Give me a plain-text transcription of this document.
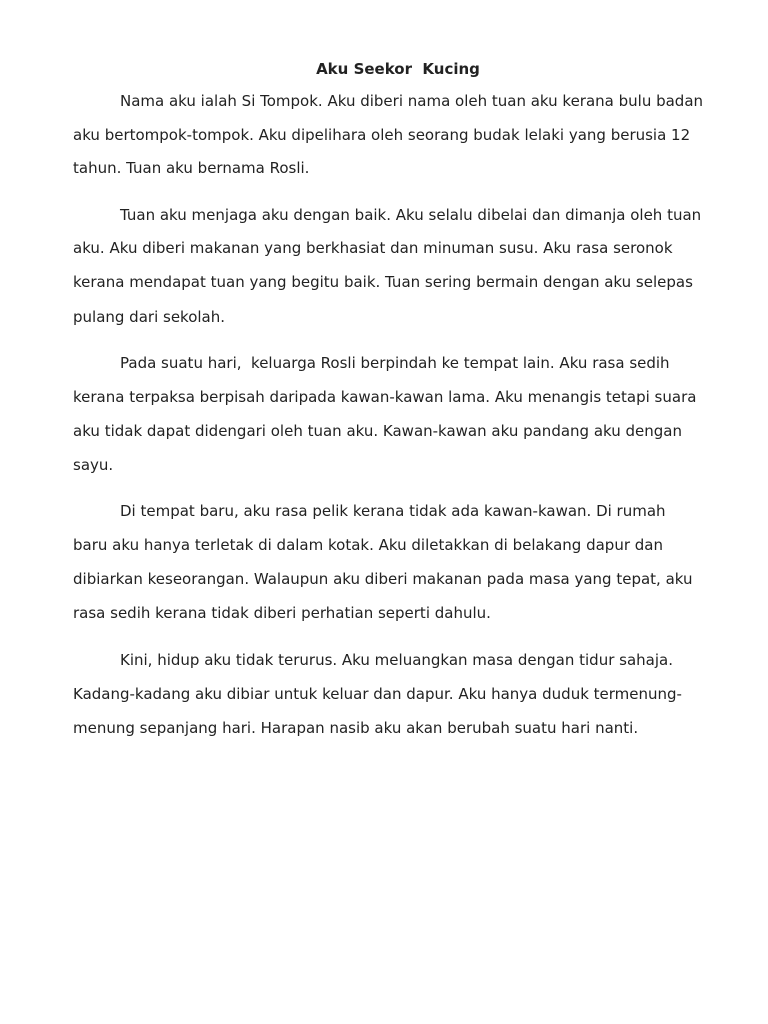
Aku Seekor  Kucing

Nama aku ialah Si Tompok. Aku diberi nama oleh tuan aku kerana bulu badan

aku bertompok-tompok. Aku dipelihara oleh seorang budak lelaki yang berusia 12

tahun. Tuan aku bernama Rosli.

Tuan aku menjaga aku dengan baik. Aku selalu dibelai dan dimanja oleh tuan

aku. Aku diberi makanan yang berkhasiat dan minuman susu. Aku rasa seronok

kerana mendapat tuan yang begitu baik. Tuan sering bermain dengan aku selepas

pulang dari sekolah.

Pada suatu hari,  keluarga Rosli berpindah ke tempat lain. Aku rasa sedih

kerana terpaksa berpisah daripada kawan-kawan lama. Aku menangis tetapi suara

aku tidak dapat didengari oleh tuan aku. Kawan-kawan aku pandang aku dengan

sayu.

Di tempat baru, aku rasa pelik kerana tidak ada kawan-kawan. Di rumah

baru aku hanya terletak di dalam kotak. Aku diletakkan di belakang dapur dan

dibiarkan keseorangan. Walaupun aku diberi makanan pada masa yang tepat, aku

rasa sedih kerana tidak diberi perhatian seperti dahulu.

Kini, hidup aku tidak terurus. Aku meluangkan masa dengan tidur sahaja.

Kadang-kadang aku dibiar untuk keluar dan dapur. Aku hanya duduk termenung-

menung sepanjang hari. Harapan nasib aku akan berubah suatu hari nanti.
